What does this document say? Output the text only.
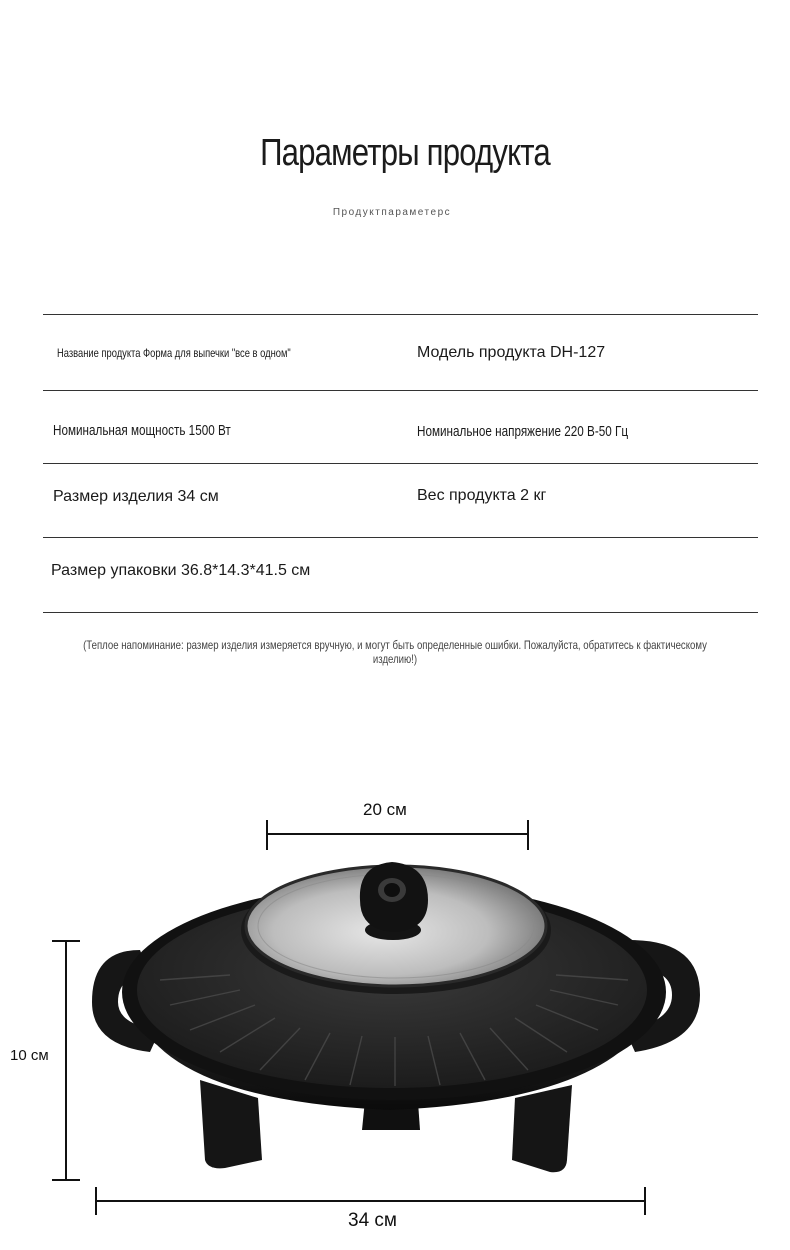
Параметры продукта
Продуктпараметерс
Название продукта Форма для выпечки "все в одном"	Модель продукта DH-127
Номинальная мощность 1500 Вт	Номинальное напряжение 220 В-50 Гц
Размер изделия 34 см	Вес продукта 2 кг
Размер упаковки 36.8*14.3*41.5 см
(Теплое напоминание: размер изделия измеряется вручную, и могут быть определенные ошибки. Пожалуйста, обратитесь к фактическому изделию!)
20 см
10 см
34 см
